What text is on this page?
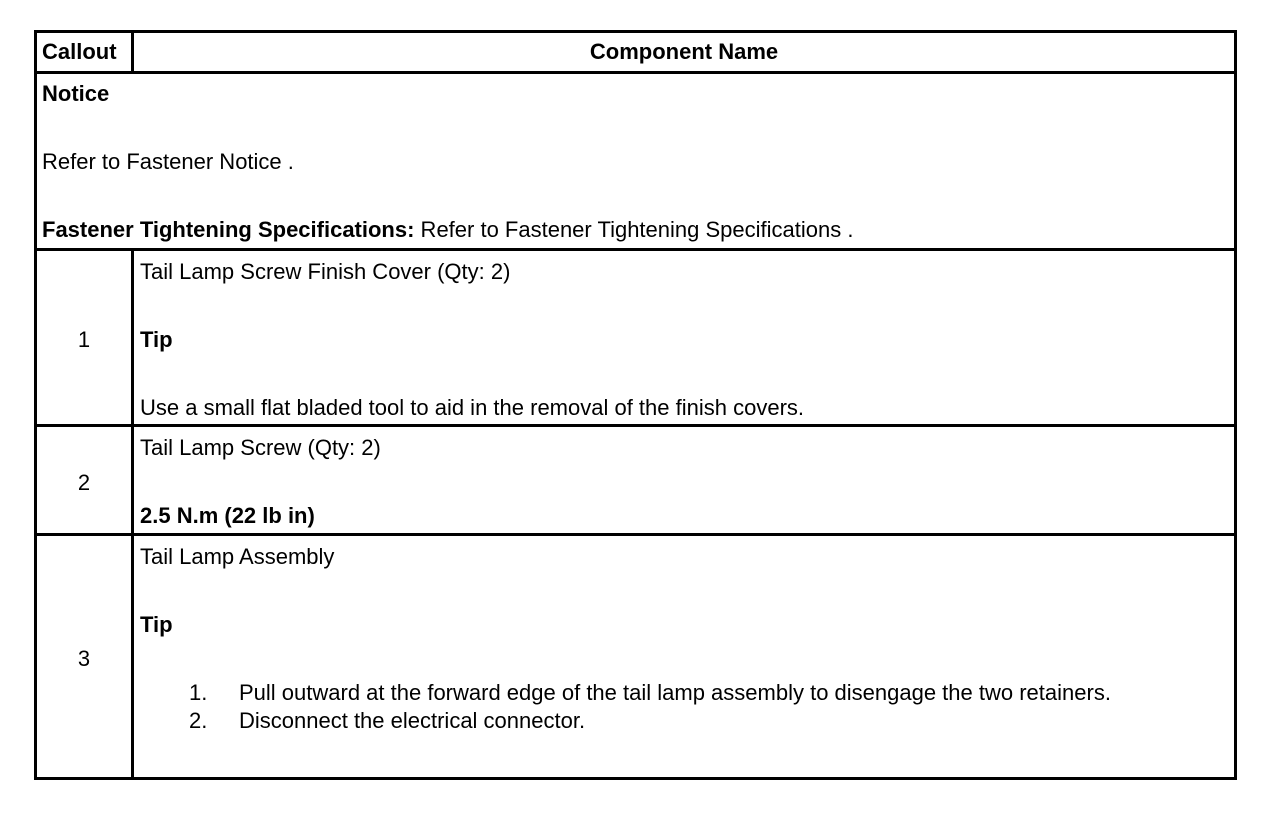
Callout	Component Name
Notice
Refer to Fastener Notice .
Fastener Tightening Specifications: Refer to Fastener Tightening Specifications .
1
Tail Lamp Screw Finish Cover (Qty: 2)
Tip
Use a small flat bladed tool to aid in the removal of the finish covers.
2
Tail Lamp Screw (Qty: 2)
2.5 N.m (22 lb in)
3
Tail Lamp Assembly
Tip
1. Pull outward at the forward edge of the tail lamp assembly to disengage the two retainers.
2. Disconnect the electrical connector.
